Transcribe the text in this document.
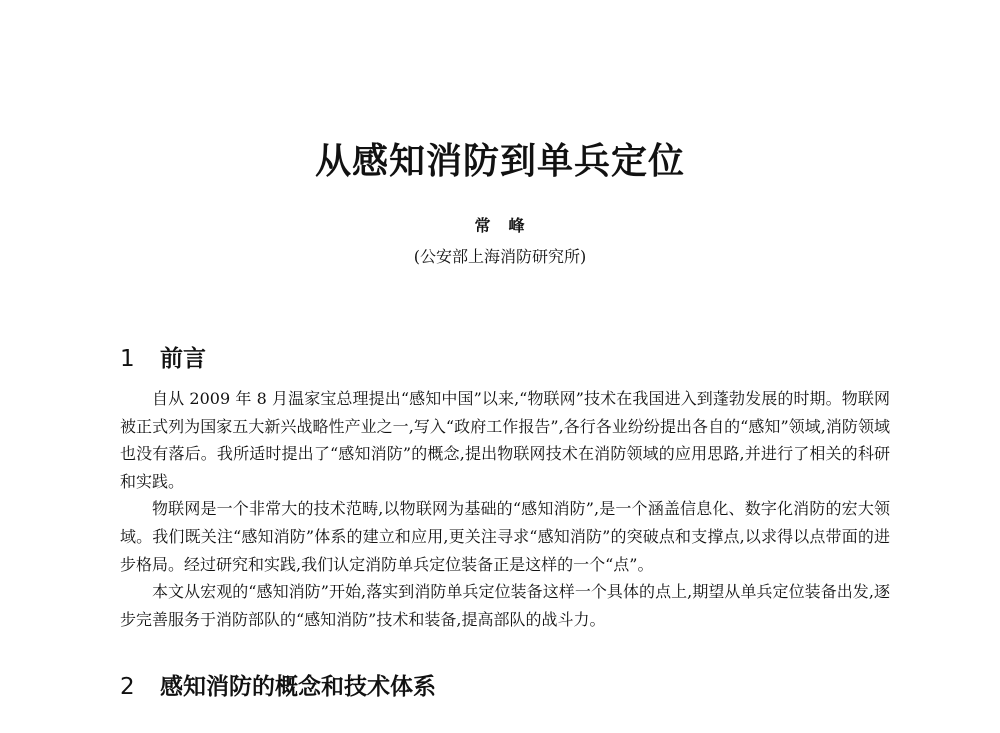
从感知消防到单兵定位
常　峰
(公安部上海消防研究所)
1 前言

自从 2009 年 8 月温家宝总理提出“感知中国”以来,“物联网”技术在我国进入到蓬勃发展的时期。物联网被正式列为国家五大新兴战略性产业之一,写入“政府工作报告”,各行各业纷纷提出各自的“感知”领域,消防领域也没有落后。我所适时提出了“感知消防”的概念,提出物联网技术在消防领域的应用思路,并进行了相关的科研和实践。

物联网是一个非常大的技术范畴,以物联网为基础的“感知消防”,是一个涵盖信息化、数字化消防的宏大领域。我们既关注“感知消防”体系的建立和应用,更关注寻求“感知消防”的突破点和支撑点,以求得以点带面的进步格局。经过研究和实践,我们认定消防单兵定位装备正是这样的一个“点”。

本文从宏观的“感知消防”开始,落实到消防单兵定位装备这样一个具体的点上,期望从单兵定位装备出发,逐步完善服务于消防部队的“感知消防”技术和装备,提高部队的战斗力。

2 感知消防的概念和技术体系
